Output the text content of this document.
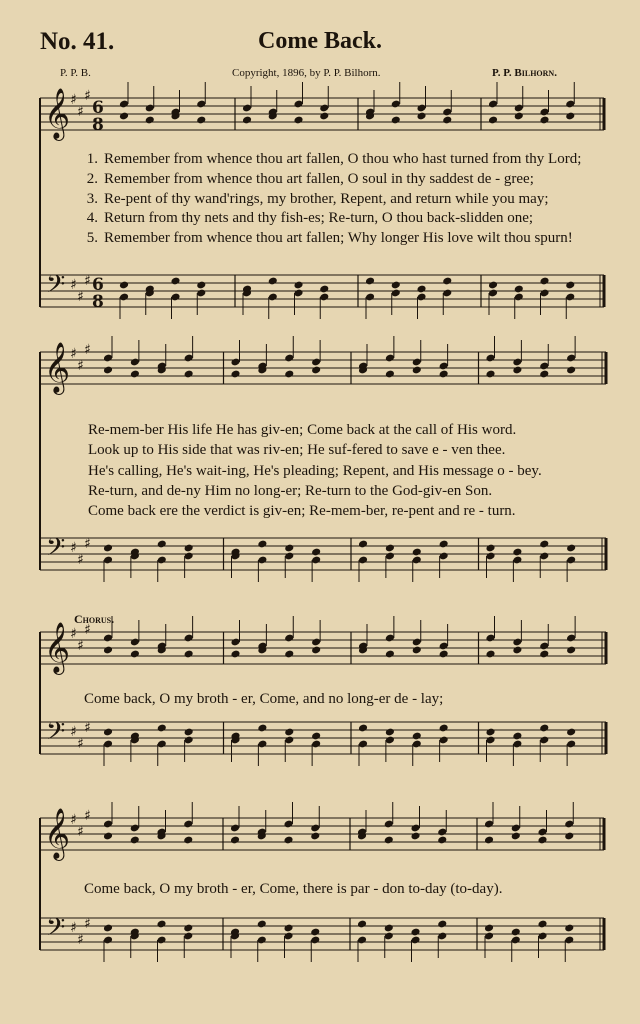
𝄞
𝄢
♯
♯
♯
♯
♯
♯
6
8
6
8
𝄞
𝄢
♯
♯
♯
♯
♯
♯
𝄞
𝄢
♯
♯
♯
♯
♯
♯
𝄞
𝄢
♯
♯
♯
♯
♯
♯
No. 41.	Come Back.
P. P. B.	Copyright, 1896, by P. P. Bilhorn.	P. P. Bilhorn.
1. Remember from whence thou art fallen, O thou who hast turned from thy Lord;
2. Remember from whence thou art fallen, O soul in thy saddest de - gree;
3. Re-pent of thy wand'rings, my brother, Repent, and return while you may;
4. Return from thy nets and thy fish-es; Re-turn, O thou back-slidden one;
5. Remember from whence thou art fallen; Why longer His love wilt thou spurn!
Re-mem-ber His life He has giv-en; Come back at the call of His word.
Look up to His side that was riv-en; He suf-fered to save e - ven thee.
He's calling, He's wait-ing, He's pleading; Repent, and His message o - bey.
Re-turn, and de-ny Him no long-er; Re-turn to the God-giv-en Son.
Come back ere the verdict is giv-en; Re-mem-ber, re-pent and re - turn.
Chorus.
Come back, O my broth - er, Come, and no long-er de - lay;
Come back, O my broth - er, Come, there is par - don to-day (to-day).
